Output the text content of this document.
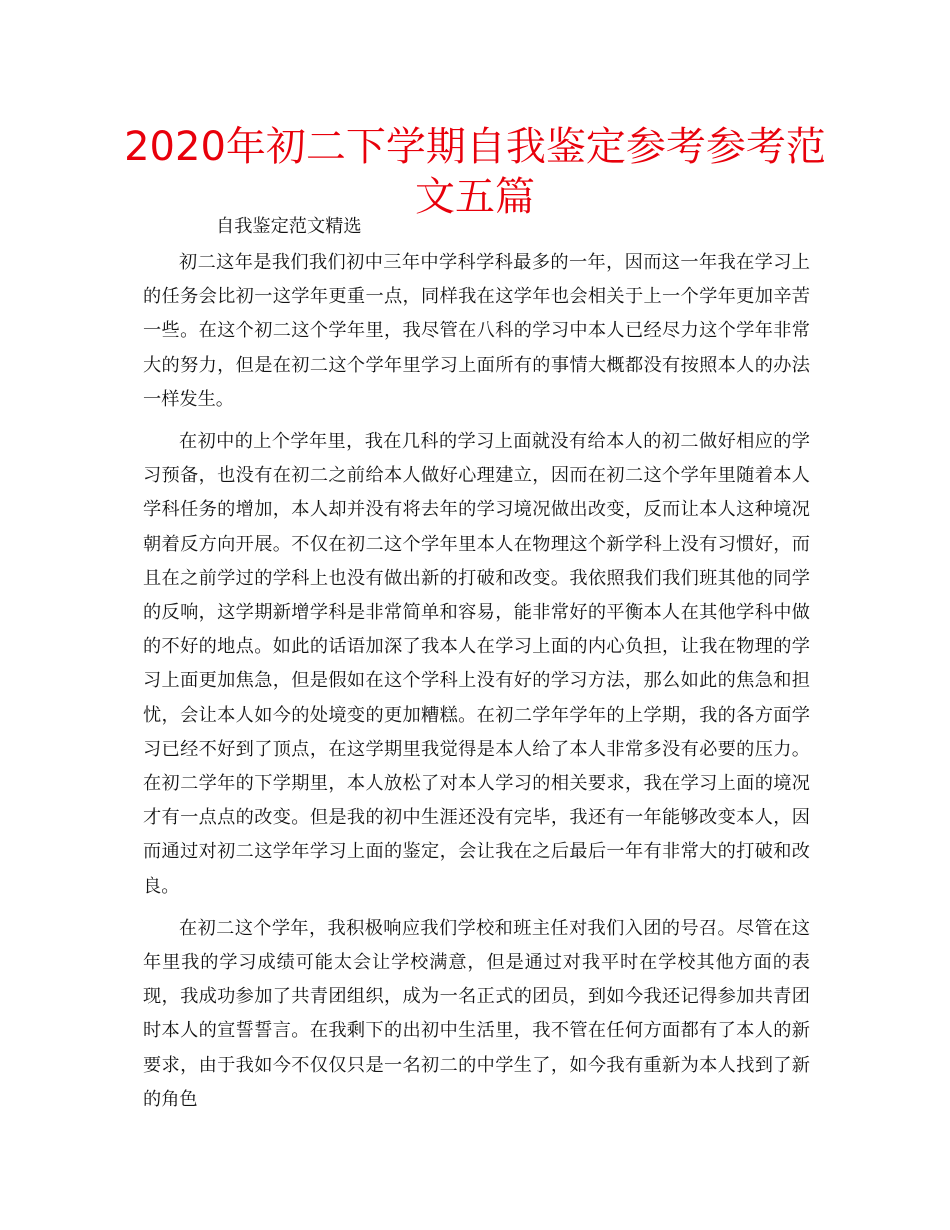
2020年初二下学期自我鉴定参考参考范文五篇

自我鉴定范文精选

初二这年是我们我们初中三年中学科学科最多的一年，因而这一年我在学习上的任务会比初一这学年更重一点，同样我在这学年也会相关于上一个学年更加辛苦一些。在这个初二这个学年里，我尽管在八科的学习中本人已经尽力这个学年非常大的努力，但是在初二这个学年里学习上面所有的事情大概都没有按照本人的办法一样发生。

在初中的上个学年里，我在几科的学习上面就没有给本人的初二做好相应的学习预备，也没有在初二之前给本人做好心理建立，因而在初二这个学年里随着本人学科任务的增加，本人却并没有将去年的学习境况做出改变，反而让本人这种境况朝着反方向开展。不仅在初二这个学年里本人在物理这个新学科上没有习惯好，而且在之前学过的学科上也没有做出新的打破和改变。我依照我们我们班其他的同学的反响，这学期新增学科是非常简单和容易，能非常好的平衡本人在其他学科中做的不好的地点。如此的话语加深了我本人在学习上面的内心负担，让我在物理的学习上面更加焦急，但是假如在这个学科上没有好的学习方法，那么如此的焦急和担忧，会让本人如今的处境变的更加糟糕。在初二学年学年的上学期，我的各方面学习已经不好到了顶点，在这学期里我觉得是本人给了本人非常多没有必要的压力。在初二学年的下学期里，本人放松了对本人学习的相关要求，我在学习上面的境况才有一点点的改变。但是我的初中生涯还没有完毕，我还有一年能够改变本人，因而通过对初二这学年学习上面的鉴定，会让我在之后最后一年有非常大的打破和改良。

在初二这个学年，我积极响应我们学校和班主任对我们入团的号召。尽管在这年里我的学习成绩可能太会让学校满意，但是通过对我平时在学校其他方面的表现，我成功参加了共青团组织，成为一名正式的团员，到如今我还记得参加共青团时本人的宣誓誓言。在我剩下的出初中生活里，我不管在任何方面都有了本人的新要求，由于我如今不仅仅只是一名初二的中学生了，如今我有重新为本人找到了新的角色
